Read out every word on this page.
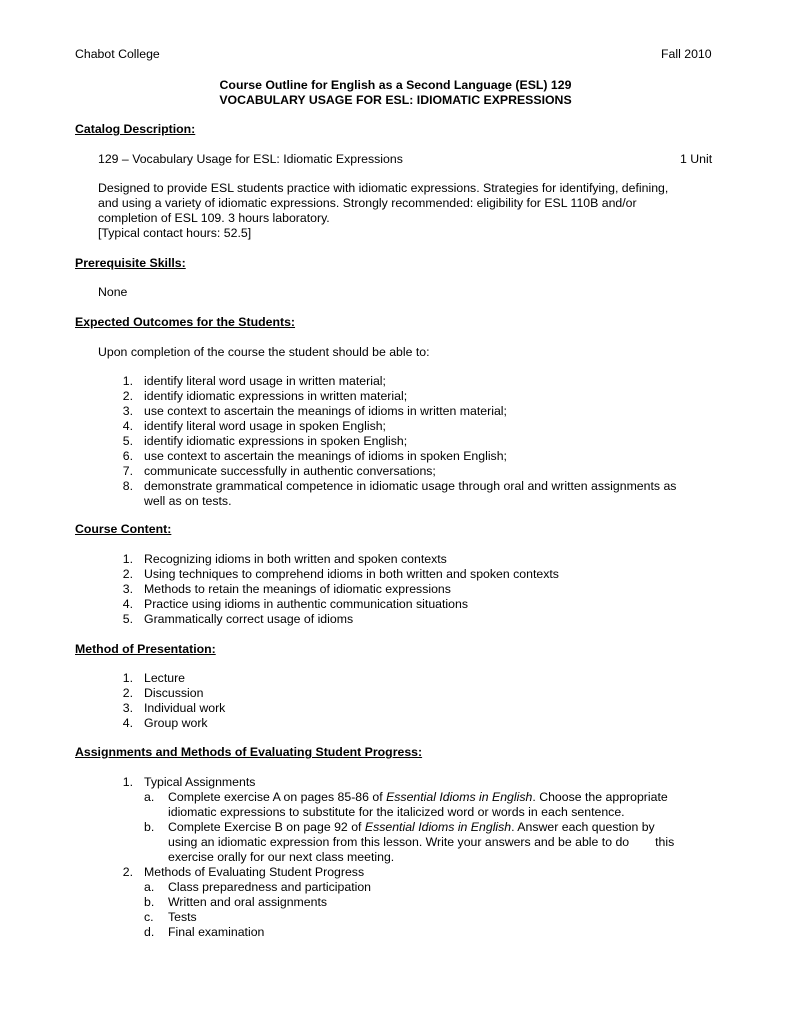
Chabot College	Fall 2010
Course Outline for English as a Second Language (ESL) 129
VOCABULARY USAGE FOR ESL: IDIOMATIC EXPRESSIONS
Catalog Description:
129 – Vocabulary Usage for ESL: Idiomatic Expressions	1 Unit
Designed to provide ESL students practice with idiomatic expressions. Strategies for identifying, defining,
and using a variety of idiomatic expressions. Strongly recommended: eligibility for ESL 110B and/or
completion of ESL 109. 3 hours laboratory.
[Typical contact hours: 52.5]
Prerequisite Skills:
None
Expected Outcomes for the Students:
Upon completion of the course the student should be able to:
1. identify literal word usage in written material;
2. identify idiomatic expressions in written material;
3. use context to ascertain the meanings of idioms in written material;
4. identify literal word usage in spoken English;
5. identify idiomatic expressions in spoken English;
6. use context to ascertain the meanings of idioms in spoken English;
7. communicate successfully in authentic conversations;
8. demonstrate grammatical competence in idiomatic usage through oral and written assignments as
well as on tests.
Course Content:
1. Recognizing idioms in both written and spoken contexts
2. Using techniques to comprehend idioms in both written and spoken contexts
3. Methods to retain the meanings of idiomatic expressions
4. Practice using idioms in authentic communication situations
5. Grammatically correct usage of idioms
Method of Presentation:
1. Lecture
2. Discussion
3. Individual work
4. Group work
Assignments and Methods of Evaluating Student Progress:
1. Typical Assignments
a. Complete exercise A on pages 85-86 of Essential Idioms in English. Choose the appropriate
idiomatic expressions to substitute for the italicized word or words in each sentence.
b. Complete Exercise B on page 92 of Essential Idioms in English. Answer each question by
using an idiomatic expression from this lesson. Write your answers and be able to do this
exercise orally for our next class meeting.
2. Methods of Evaluating Student Progress
a. Class preparedness and participation
b. Written and oral assignments
c. Tests
d. Final examination
